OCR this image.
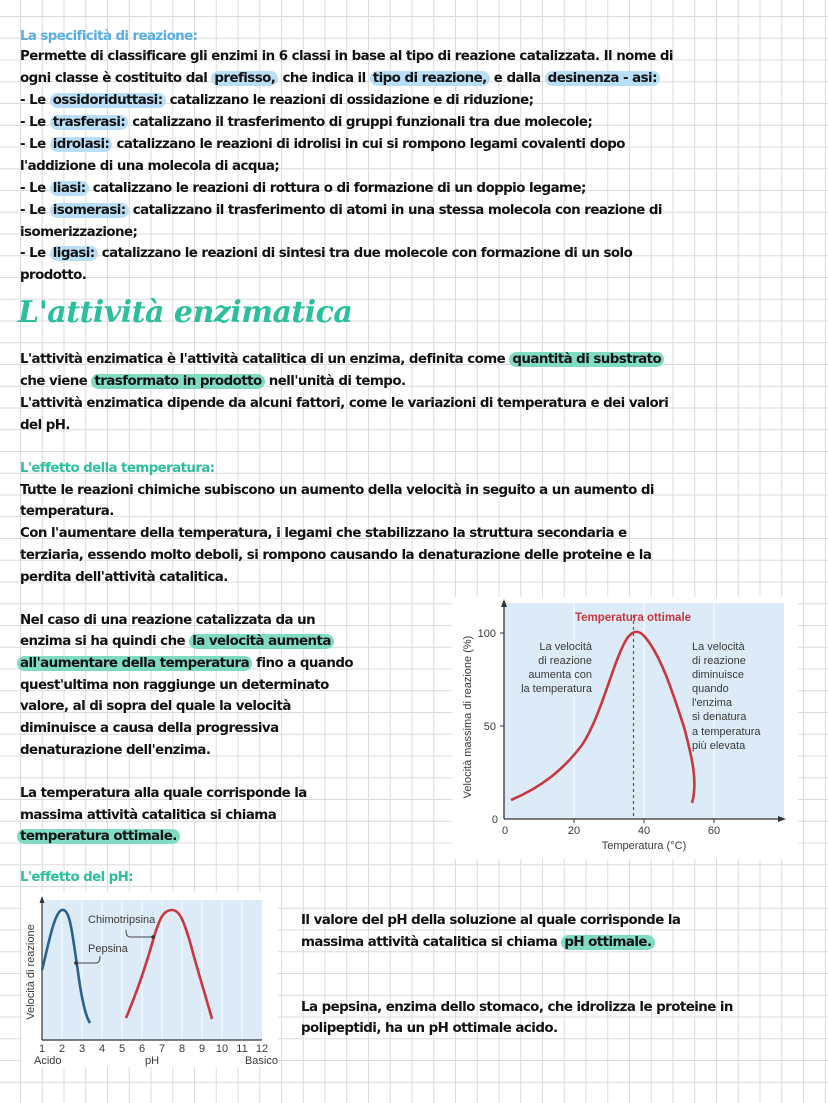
La specificità di reazione:
Permette di classificare gli enzimi in 6 classi in base al tipo di reazione catalizzata. Il nome di
ogni classe è costituito dal prefisso, che indica il tipo di reazione, e dalla desinenza - asi:
- Le ossidoriduttasi: catalizzano le reazioni di ossidazione e di riduzione;
- Le trasferasi: catalizzano il trasferimento di gruppi funzionali tra due molecole;
- Le idrolasi: catalizzano le reazioni di idrolisi in cui si rompono legami covalenti dopo
l'addizione di una molecola di acqua;
- Le liasi: catalizzano le reazioni di rottura o di formazione di un doppio legame;
- Le isomerasi: catalizzano il trasferimento di atomi in una stessa molecola con reazione di
isomerizzazione;
- Le ligasi: catalizzano le reazioni di sintesi tra due molecole con formazione di un solo
prodotto.
L'attività enzimatica
L'attività enzimatica è l'attività catalitica di un enzima, definita come quantità di substrato
che viene trasformato in prodotto nell'unità di tempo.
L'attività enzimatica dipende da alcuni fattori, come le variazioni di temperatura e dei valori
del pH.
L'effetto della temperatura:
Tutte le reazioni chimiche subiscono un aumento della velocità in seguito a un aumento di
temperatura.
Con l'aumentare della temperatura, i legami che stabilizzano la struttura secondaria e
terziaria, essendo molto deboli, si rompono causando la denaturazione delle proteine e la
perdita dell'attività catalitica.
Nel caso di una reazione catalizzata da un
enzima si ha quindi che la velocità aumenta
all'aumentare della temperatura fino a quando
quest'ultima non raggiunge un determinato
valore, al di sopra del quale la velocità
diminuisce a causa della progressiva
denaturazione dell'enzima.
La temperatura alla quale corrisponde la
massima attività catalitica si chiama
temperatura ottimale.
Temperatura ottimale
100
50
0
0	20	40	60
Temperatura (°C)
Velocità massima di reazione (%)	La velocità
di reazione
aumenta con
la temperatura
La velocità
di reazione
diminuisce
quando
l'enzima
si denatura
a temperatura
più elevata
L'effetto del pH:
Pepsina
Chimotripsina
1 2 3 4 5 6 7 8 9 10 11 12
Acido	pH	Basico
Velocità di reazione
Il valore del pH della soluzione al quale corrisponde la
massima attività catalitica si chiama pH ottimale.
La pepsina, enzima dello stomaco, che idrolizza le proteine in
polipeptidi, ha un pH ottimale acido.
